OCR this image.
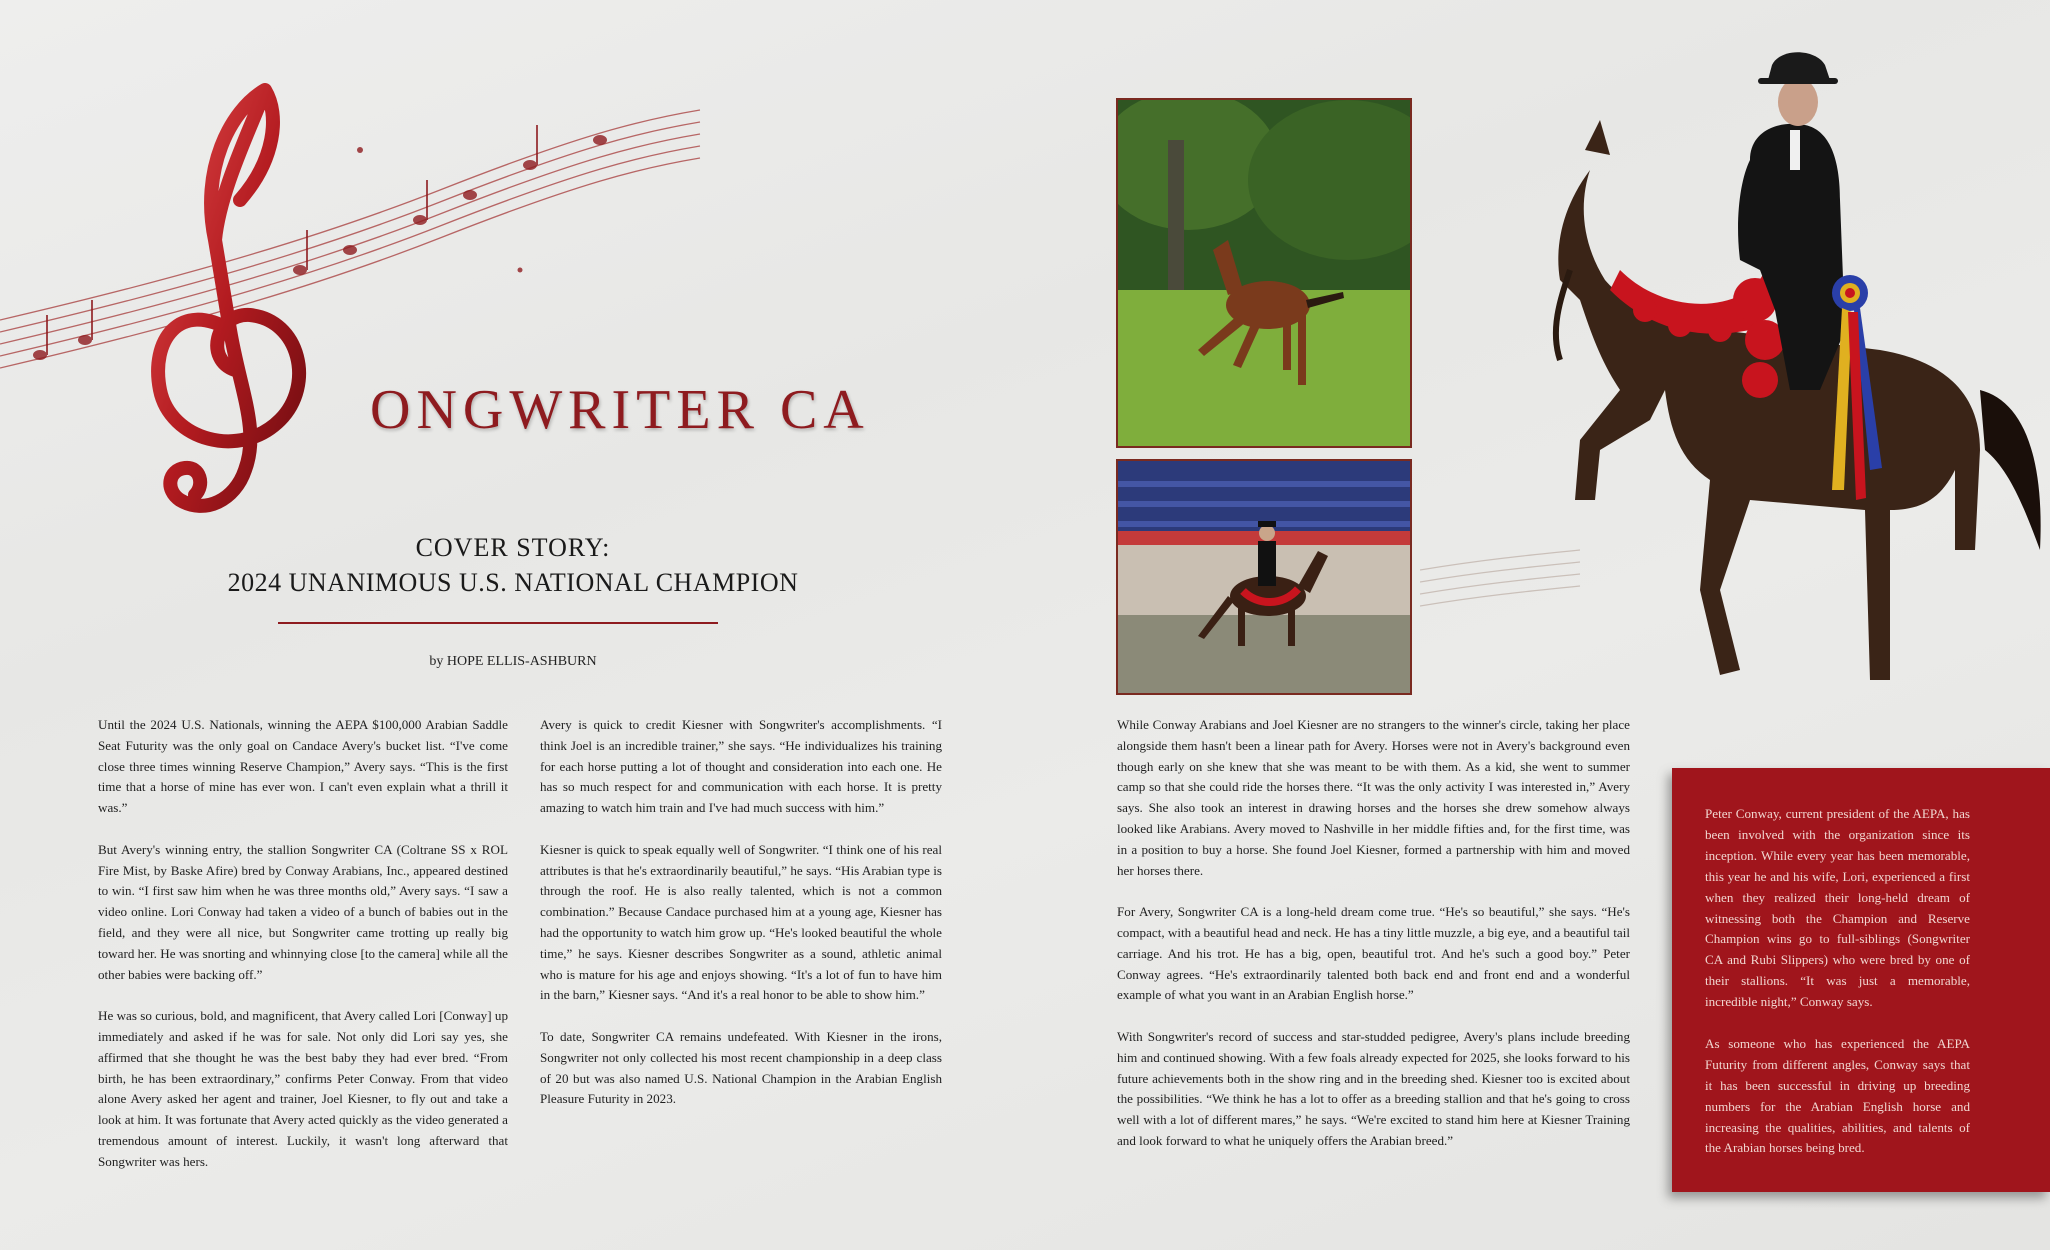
ONGWRITER CA
COVER STORY:
2024 UNANIMOUS U.S. NATIONAL CHAMPION
by HOPE ELLIS-ASHBURN

Until the 2024 U.S. Nationals, winning the AEPA $100,000 Arabian Saddle Seat Futurity was the only goal on Candace Avery's bucket list. “I've come close three times winning Reserve Champion,” Avery says. “This is the first time that a horse of mine has ever won. I can't even explain what a thrill it was.”

But Avery's winning entry, the stallion Songwriter CA (Coltrane SS x ROL Fire Mist, by Baske Afire) bred by Conway Arabians, Inc., appeared destined to win. “I first saw him when he was three months old,” Avery says. “I saw a video online. Lori Conway had taken a video of a bunch of babies out in the field, and they were all nice, but Songwriter came trotting up really big toward her. He was snorting and whinnying close [to the camera] while all the other babies were backing off.”

He was so curious, bold, and magnificent, that Avery called Lori [Conway] up immediately and asked if he was for sale. Not only did Lori say yes, she affirmed that she thought he was the best baby they had ever bred. “From birth, he has been extraordinary,” confirms Peter Conway. From that video alone Avery asked her agent and trainer, Joel Kiesner, to fly out and take a look at him. It was fortunate that Avery acted quickly as the video generated a tremendous amount of interest. Luckily, it wasn't long afterward that Songwriter was hers.

Avery is quick to credit Kiesner with Songwriter's accomplishments. “I think Joel is an incredible trainer,” she says. “He individualizes his training for each horse putting a lot of thought and consideration into each one. He has so much respect for and communication with each horse. It is pretty amazing to watch him train and I've had much success with him.”

Kiesner is quick to speak equally well of Songwriter. “I think one of his real attributes is that he's extraordinarily beautiful,” he says. “His Arabian type is through the roof. He is also really talented, which is not a common combination.” Because Candace purchased him at a young age, Kiesner has had the opportunity to watch him grow up. “He's looked beautiful the whole time,” he says. Kiesner describes Songwriter as a sound, athletic animal who is mature for his age and enjoys showing. “It's a lot of fun to have him in the barn,” Kiesner says. “And it's a real honor to be able to show him.”

To date, Songwriter CA remains undefeated. With Kiesner in the irons, Songwriter not only collected his most recent championship in a deep class of 20 but was also named U.S. National Champion in the Arabian English Pleasure Futurity in 2023.

While Conway Arabians and Joel Kiesner are no strangers to the winner's circle, taking her place alongside them hasn't been a linear path for Avery. Horses were not in Avery's background even though early on she knew that she was meant to be with them. As a kid, she went to summer camp so that she could ride the horses there. “It was the only activity I was interested in,” Avery says. She also took an interest in drawing horses and the horses she drew somehow always looked like Arabians. Avery moved to Nashville in her middle fifties and, for the first time, was in a position to buy a horse. She found Joel Kiesner, formed a partnership with him and moved her horses there.

For Avery, Songwriter CA is a long-held dream come true. “He's so beautiful,” she says. “He's compact, with a beautiful head and neck. He has a tiny little muzzle, a big eye, and a beautiful tail carriage. And his trot. He has a big, open, beautiful trot. And he's such a good boy.” Peter Conway agrees. “He's extraordinarily talented both back end and front end and a wonderful example of what you want in an Arabian English horse.”

With Songwriter's record of success and star-studded pedigree, Avery's plans include breeding him and continued showing. With a few foals already expected for 2025, she looks forward to his future achievements both in the show ring and in the breeding shed. Kiesner too is excited about the possibilities. “We think he has a lot to offer as a breeding stallion and that he's going to cross well with a lot of different mares,” he says. “We're excited to stand him here at Kiesner Training and look forward to what he uniquely offers the Arabian breed.”

Peter Conway, current president of the AEPA, has been involved with the organization since its inception. While every year has been memorable, this year he and his wife, Lori, experienced a first when they realized their long-held dream of witnessing both the Champion and Reserve Champion wins go to full-siblings (Songwriter CA and Rubi Slippers) who were bred by one of their stallions. “It was just a memorable, incredible night,” Conway says.

As someone who has experienced the AEPA Futurity from different angles, Conway says that it has been successful in driving up breeding numbers for the Arabian English horse and increasing the qualities, abilities, and talents of the Arabian horses being bred.
